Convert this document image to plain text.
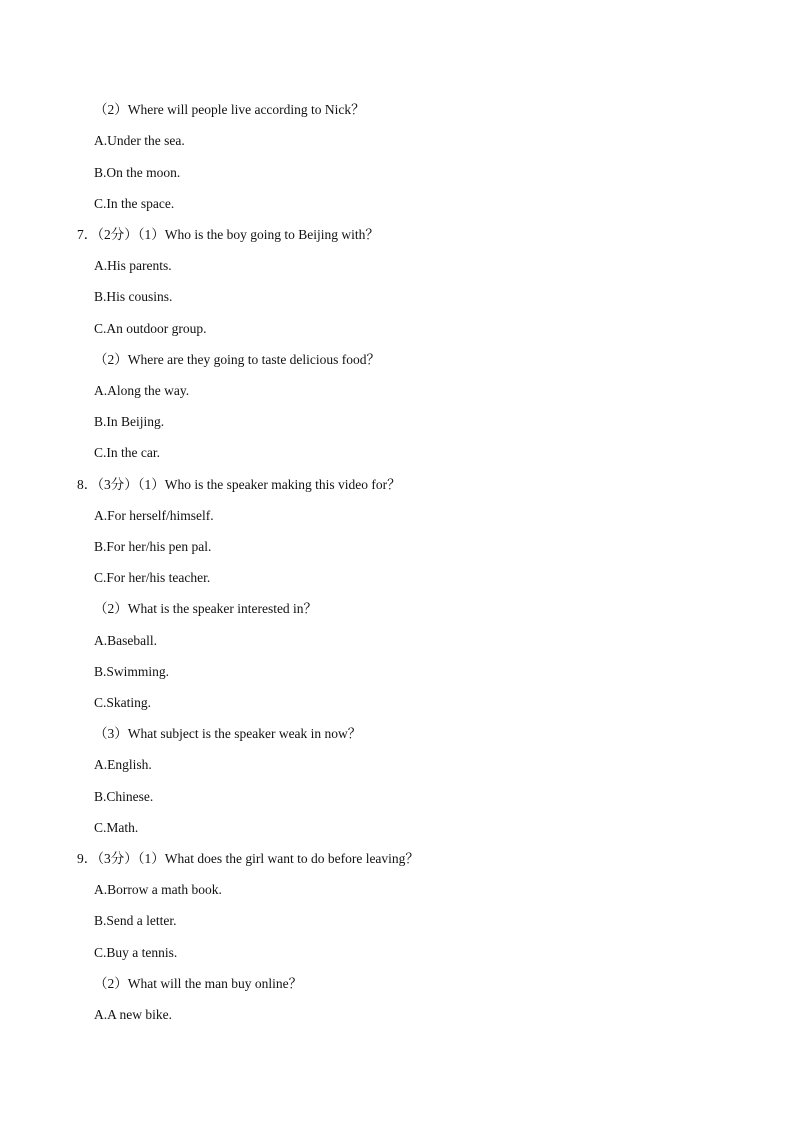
（2）Where will people live according to Nick？
A.Under the sea.
B.On the moon.
C.In the space.
7．（2分）（1）Who is the boy going to Beijing with？
A.His parents.
B.His cousins.
C.An outdoor group.
（2）Where are they going to taste delicious food？
A.Along the way.
B.In Beijing.
C.In the car.
8．（3分）（1）Who is the speaker making this video for？
A.For herself/himself.
B.For her/his pen pal.
C.For her/his teacher.
（2）What is the speaker interested in？
A.Baseball.
B.Swimming.
C.Skating.
（3）What subject is the speaker weak in now？
A.English.
B.Chinese.
C.Math.
9．（3分）（1）What does the girl want to do before leaving？
A.Borrow a math book.
B.Send a letter.
C.Buy a tennis.
（2）What will the man buy online？
A.A new bike.
